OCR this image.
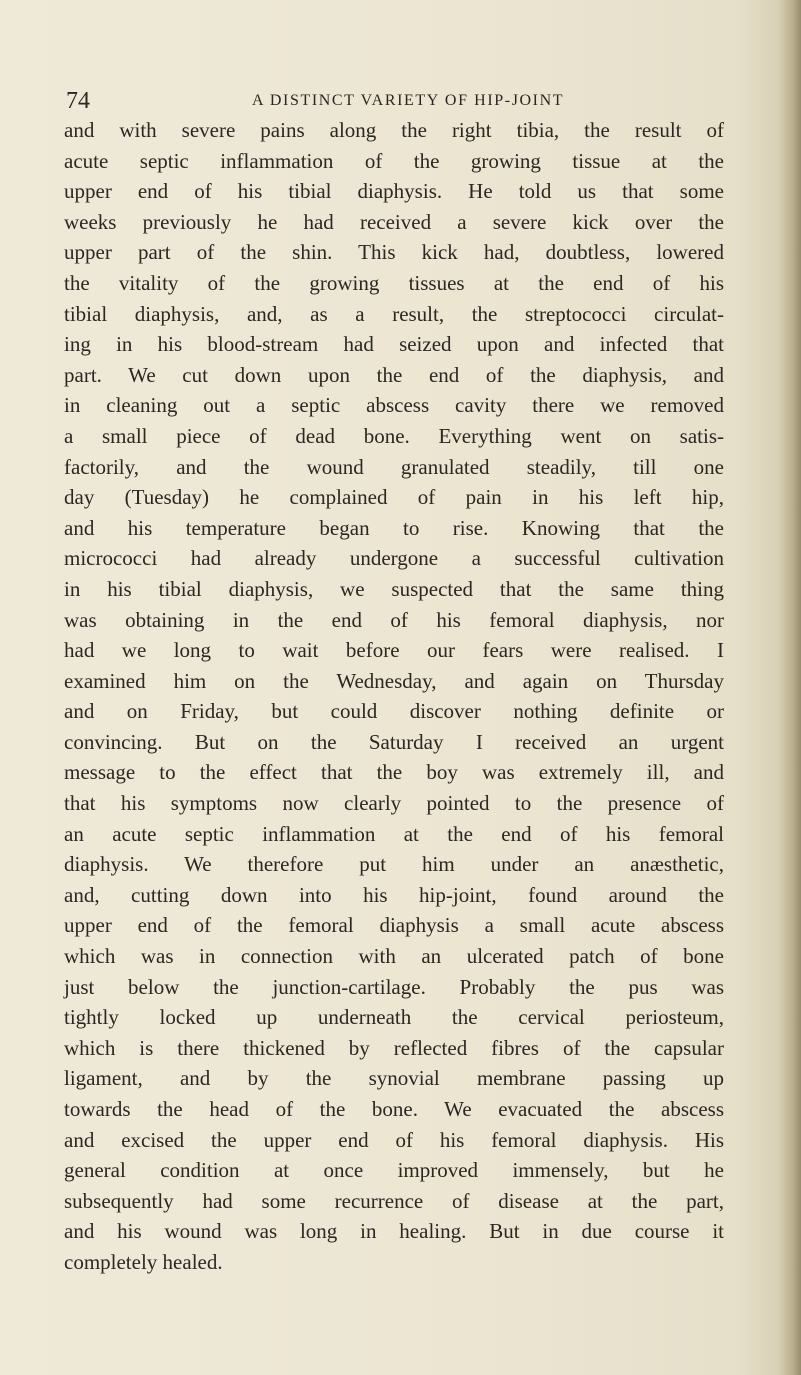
74	A DISTINCT VARIETY OF HIP-JOINT
and with severe pains along the right tibia, the result of
acute septic inflammation of the growing tissue at the
upper end of his tibial diaphysis. He told us that some
weeks previously he had received a severe kick over the
upper part of the shin. This kick had, doubtless, lowered
the vitality of the growing tissues at the end of his
tibial diaphysis, and, as a result, the streptococci circulat-
ing in his blood-stream had seized upon and infected that
part. We cut down upon the end of the diaphysis, and
in cleaning out a septic abscess cavity there we removed
a small piece of dead bone. Everything went on satis-
factorily, and the wound granulated steadily, till one
day (Tuesday) he complained of pain in his left hip,
and his temperature began to rise. Knowing that the
micrococci had already undergone a successful cultivation
in his tibial diaphysis, we suspected that the same thing
was obtaining in the end of his femoral diaphysis, nor
had we long to wait before our fears were realised. I
examined him on the Wednesday, and again on Thursday
and on Friday, but could discover nothing definite or
convincing. But on the Saturday I received an urgent
message to the effect that the boy was extremely ill, and
that his symptoms now clearly pointed to the presence of
an acute septic inflammation at the end of his femoral
diaphysis. We therefore put him under an anæsthetic,
and, cutting down into his hip-joint, found around the
upper end of the femoral diaphysis a small acute abscess
which was in connection with an ulcerated patch of bone
just below the junction-cartilage. Probably the pus was
tightly locked up underneath the cervical periosteum,
which is there thickened by reflected fibres of the capsular
ligament, and by the synovial membrane passing up
towards the head of the bone. We evacuated the abscess
and excised the upper end of his femoral diaphysis. His
general condition at once improved immensely, but he
subsequently had some recurrence of disease at the part,
and his wound was long in healing. But in due course it
completely healed.
